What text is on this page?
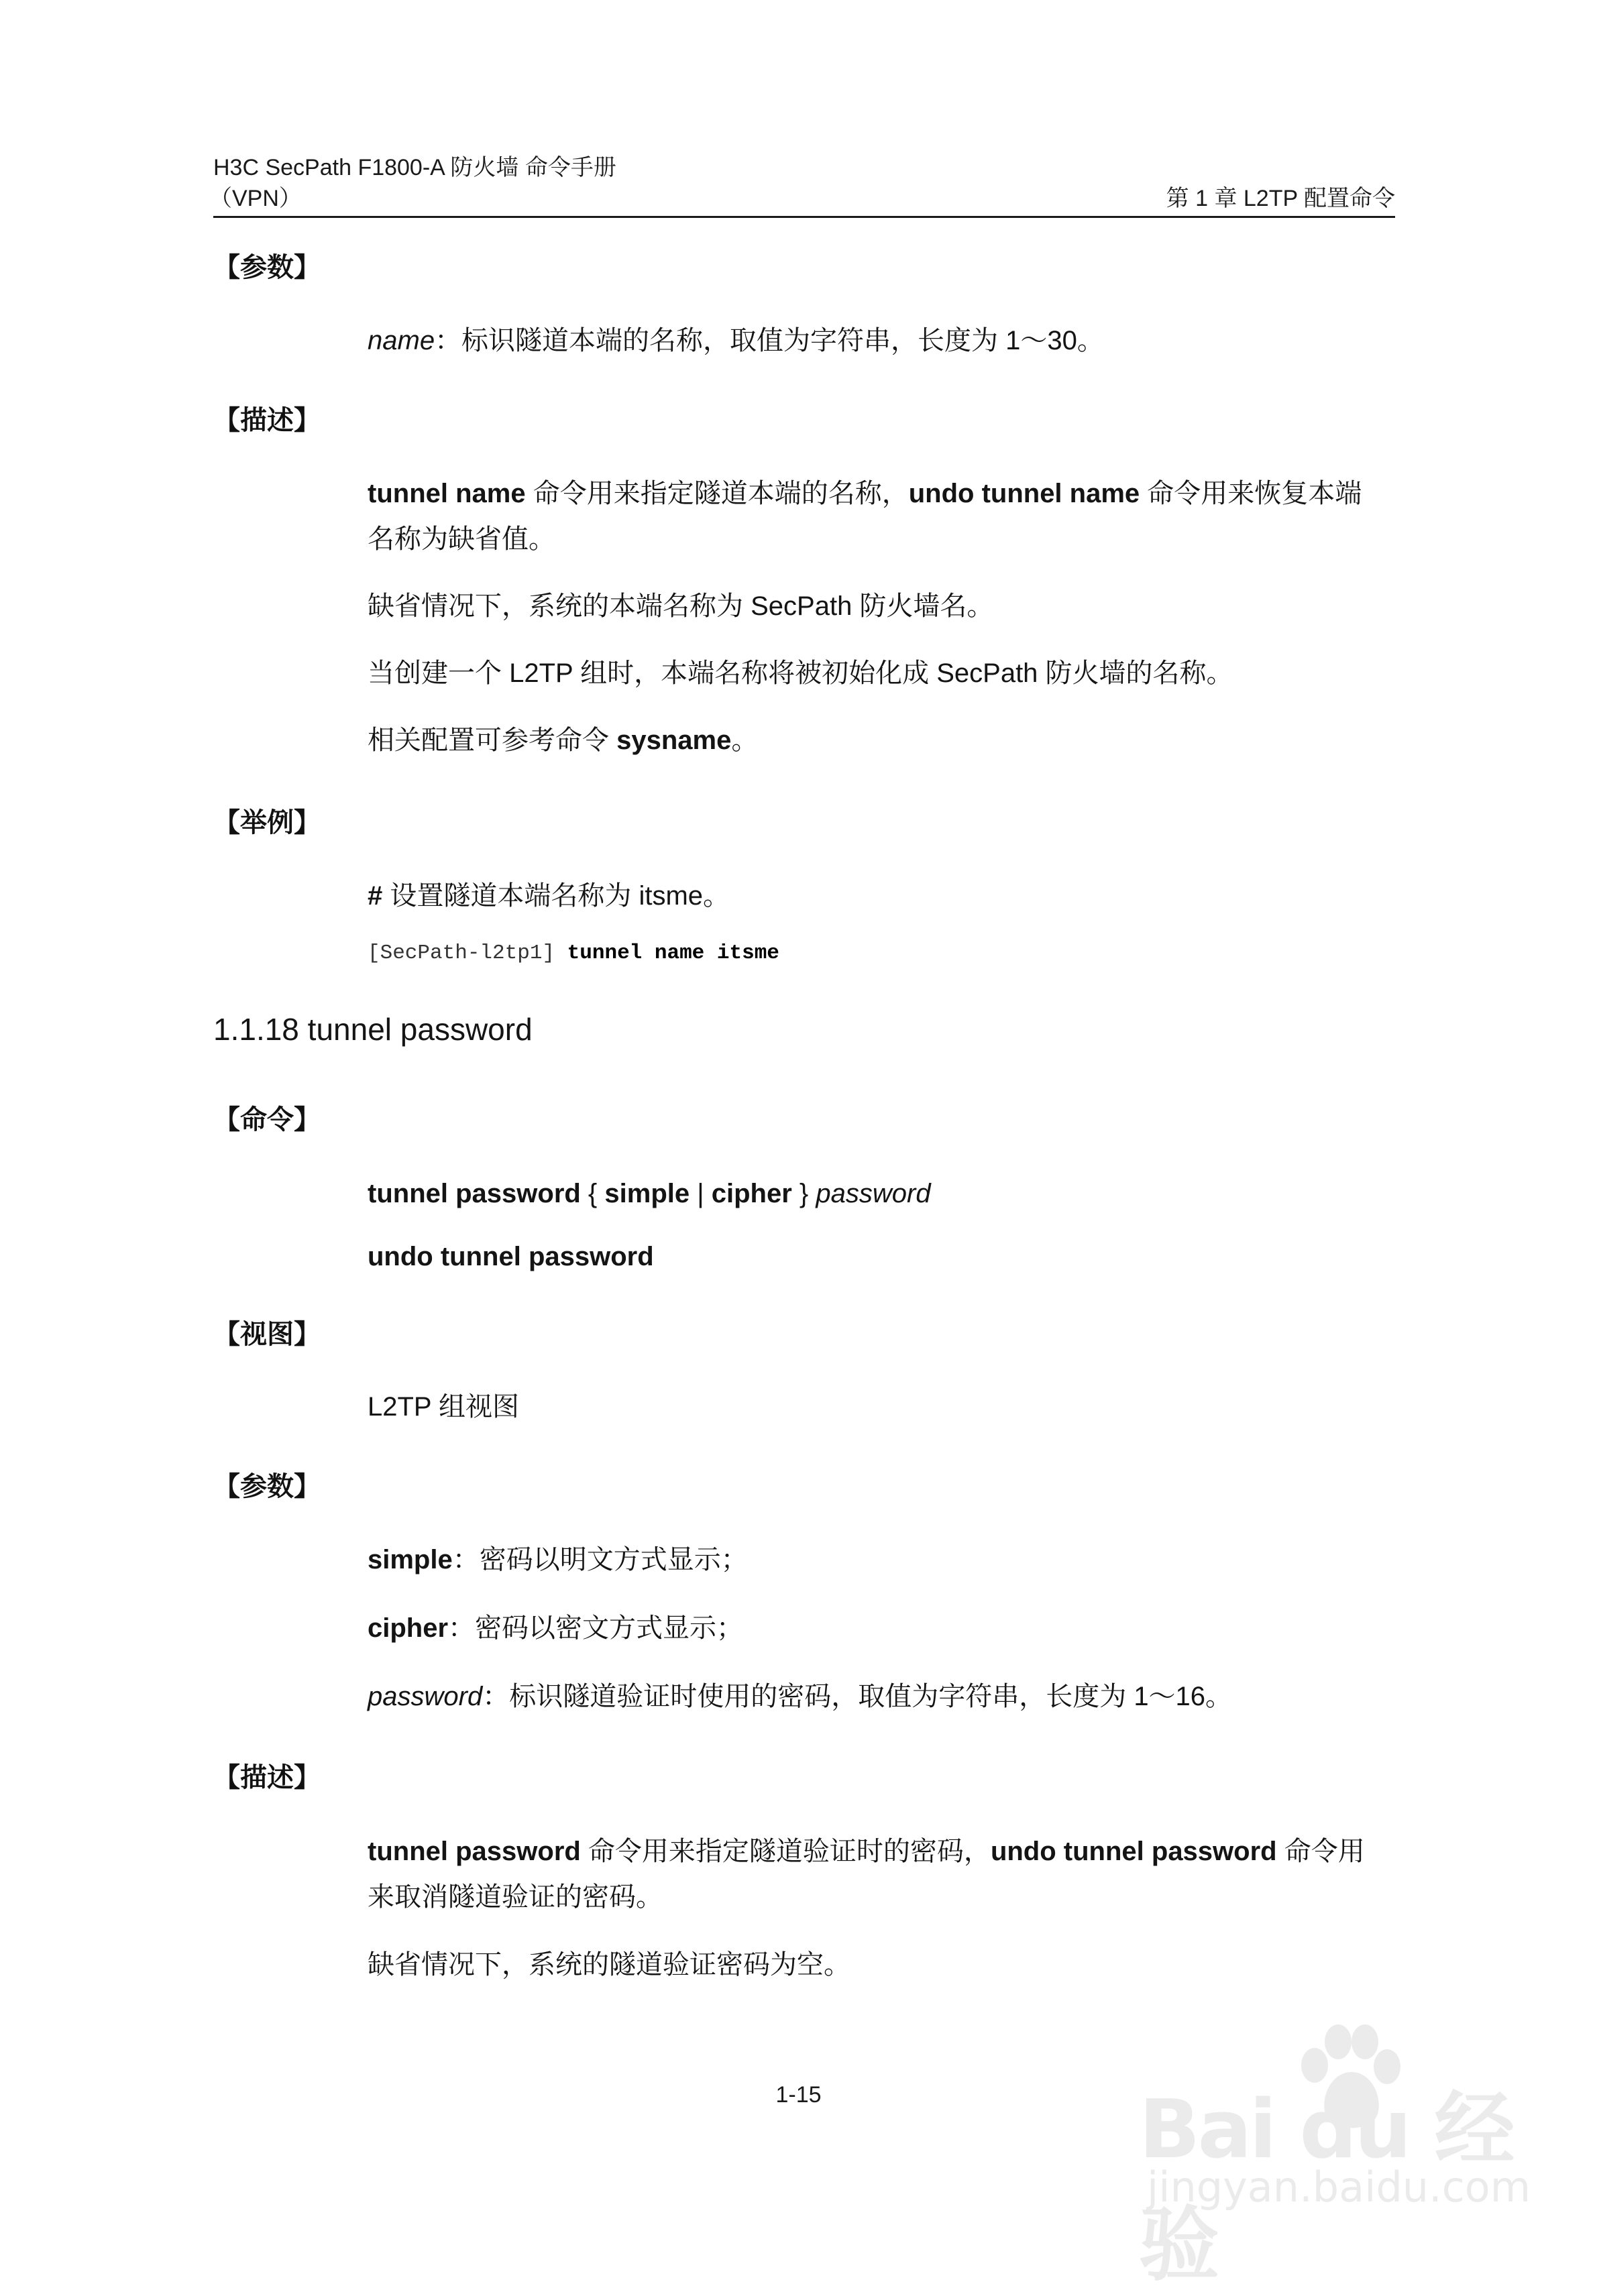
H3C SecPath F1800-A 防火墙 命令手册
（VPN）	第 1 章 L2TP 配置命令
【参数】
name：标识隧道本端的名称，取值为字符串，长度为 1～30。
【描述】
tunnel name 命令用来指定隧道本端的名称，undo tunnel name 命令用来恢复本端名称为缺省值。
缺省情况下，系统的本端名称为 SecPath 防火墙名。
当创建一个 L2TP 组时，本端名称将被初始化成 SecPath 防火墙的名称。
相关配置可参考命令 sysname。
【举例】
# 设置隧道本端名称为 itsme。
[SecPath-l2tp1] tunnel name itsme
1.1.18 tunnel password
【命令】
tunnel password { simple | cipher } password
undo tunnel password
【视图】
L2TP 组视图
【参数】
simple：密码以明文方式显示；
cipher：密码以密文方式显示；
password：标识隧道验证时使用的密码，取值为字符串，长度为 1～16。
【描述】
tunnel password 命令用来指定隧道验证时的密码，undo tunnel password 命令用来取消隧道验证的密码。
缺省情况下，系统的隧道验证密码为空。
1-15	Bai du 经验
jingyan.baidu.com
